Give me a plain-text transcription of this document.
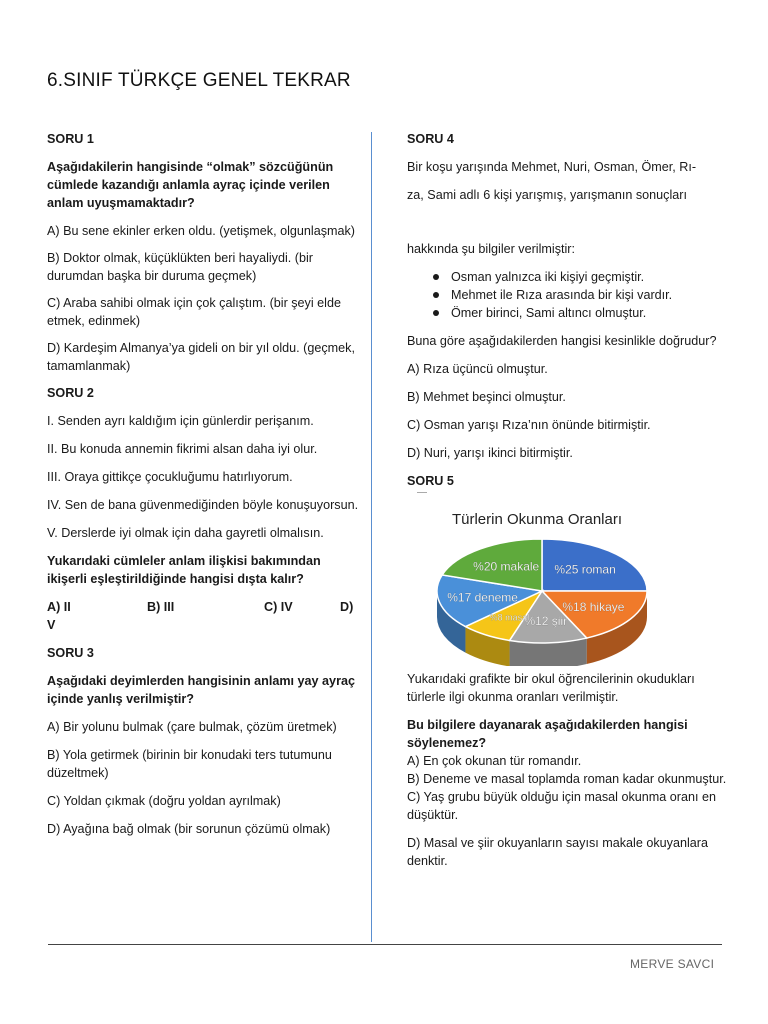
6.SINIF TÜRKÇE GENEL TEKRAR

SORU 1

Aşağıdakilerin hangisinde “olmak” sözcüğünün cümlede kazandığı anlamla ayraç içinde verilen anlam uyuşmamaktadır?

A) Bu sene ekinler erken oldu. (yetişmek, olgunlaşmak)

B) Doktor olmak, küçüklükten beri hayaliydi. (bir durumdan başka bir duruma geçmek)

C) Araba sahibi olmak için çok çalıştım. (bir şeyi elde etmek, edinmek)

D) Kardeşim Almanya’ya gideli on bir yıl oldu. (geçmek, tamamlanmak)

SORU 2

I. Senden ayrı kaldığım için günlerdir perişanım.

II. Bu konuda annemin fikrimi alsan daha iyi olur.

III. Oraya gittikçe çocukluğumu hatırlıyorum.

IV. Sen de bana güvenmediğinden böyle konuşuyorsun.

V. Derslerde iyi olmak için daha gayretli olmalısın.

Yukarıdaki cümleler anlam ilişkisi bakımından ikişerli eşleştirildiğinde hangisi dışta kalır?

A) II	B) III	C) IV	D)

V

SORU 3

Aşağıdaki deyimlerden hangisinin anlamı yay ayraç içinde yanlış verilmiştir?

A) Bir yolunu bulmak (çare bulmak, çözüm üretmek)

B) Yola getirmek (birinin bir konudaki ters tutumunu düzeltmek)

C) Yoldan çıkmak (doğru yoldan ayrılmak)

D) Ayağına bağ olmak (bir sorunun çözümü olmak)

SORU 4

Bir koşu yarışında Mehmet, Nuri, Osman, Ömer, Rı-

za, Sami adlı 6 kişi yarışmış, yarışmanın sonuçları

hakkında şu bilgiler verilmiştir:

Osman yalnızca iki kişiyi geçmiştir.
Mehmet ile Rıza arasında bir kişi vardır.
Ömer birinci, Sami altıncı olmuştur.

Buna göre aşağıdakilerden hangisi kesinlikle doğrudur?

A) Rıza üçüncü olmuştur.

B) Mehmet beşinci olmuştur.

C) Osman yarışı Rıza’nın önünde bitirmiştir.

D) Nuri, yarışı ikinci bitirmiştir.

SORU 5

Türlerin Okunma Oranları
%25 roman
%18 hikaye
%12 şiir
%8 masal
%17 deneme
%20 makale

Yukarıdaki grafikte bir okul öğrencilerinin okudukları türlerle ilgi okunma oranları verilmiştir.

Bu bilgilere dayanarak aşağıdakilerden hangisi söylenemez?

A) En çok okunan tür romandır.

B) Deneme ve masal toplamda roman kadar okunmuştur.

C) Yaş grubu büyük olduğu için masal okunma oranı en düşüktür.

D) Masal ve şiir okuyanların sayısı makale okuyanlara denktir.

MERVE SAVCI
